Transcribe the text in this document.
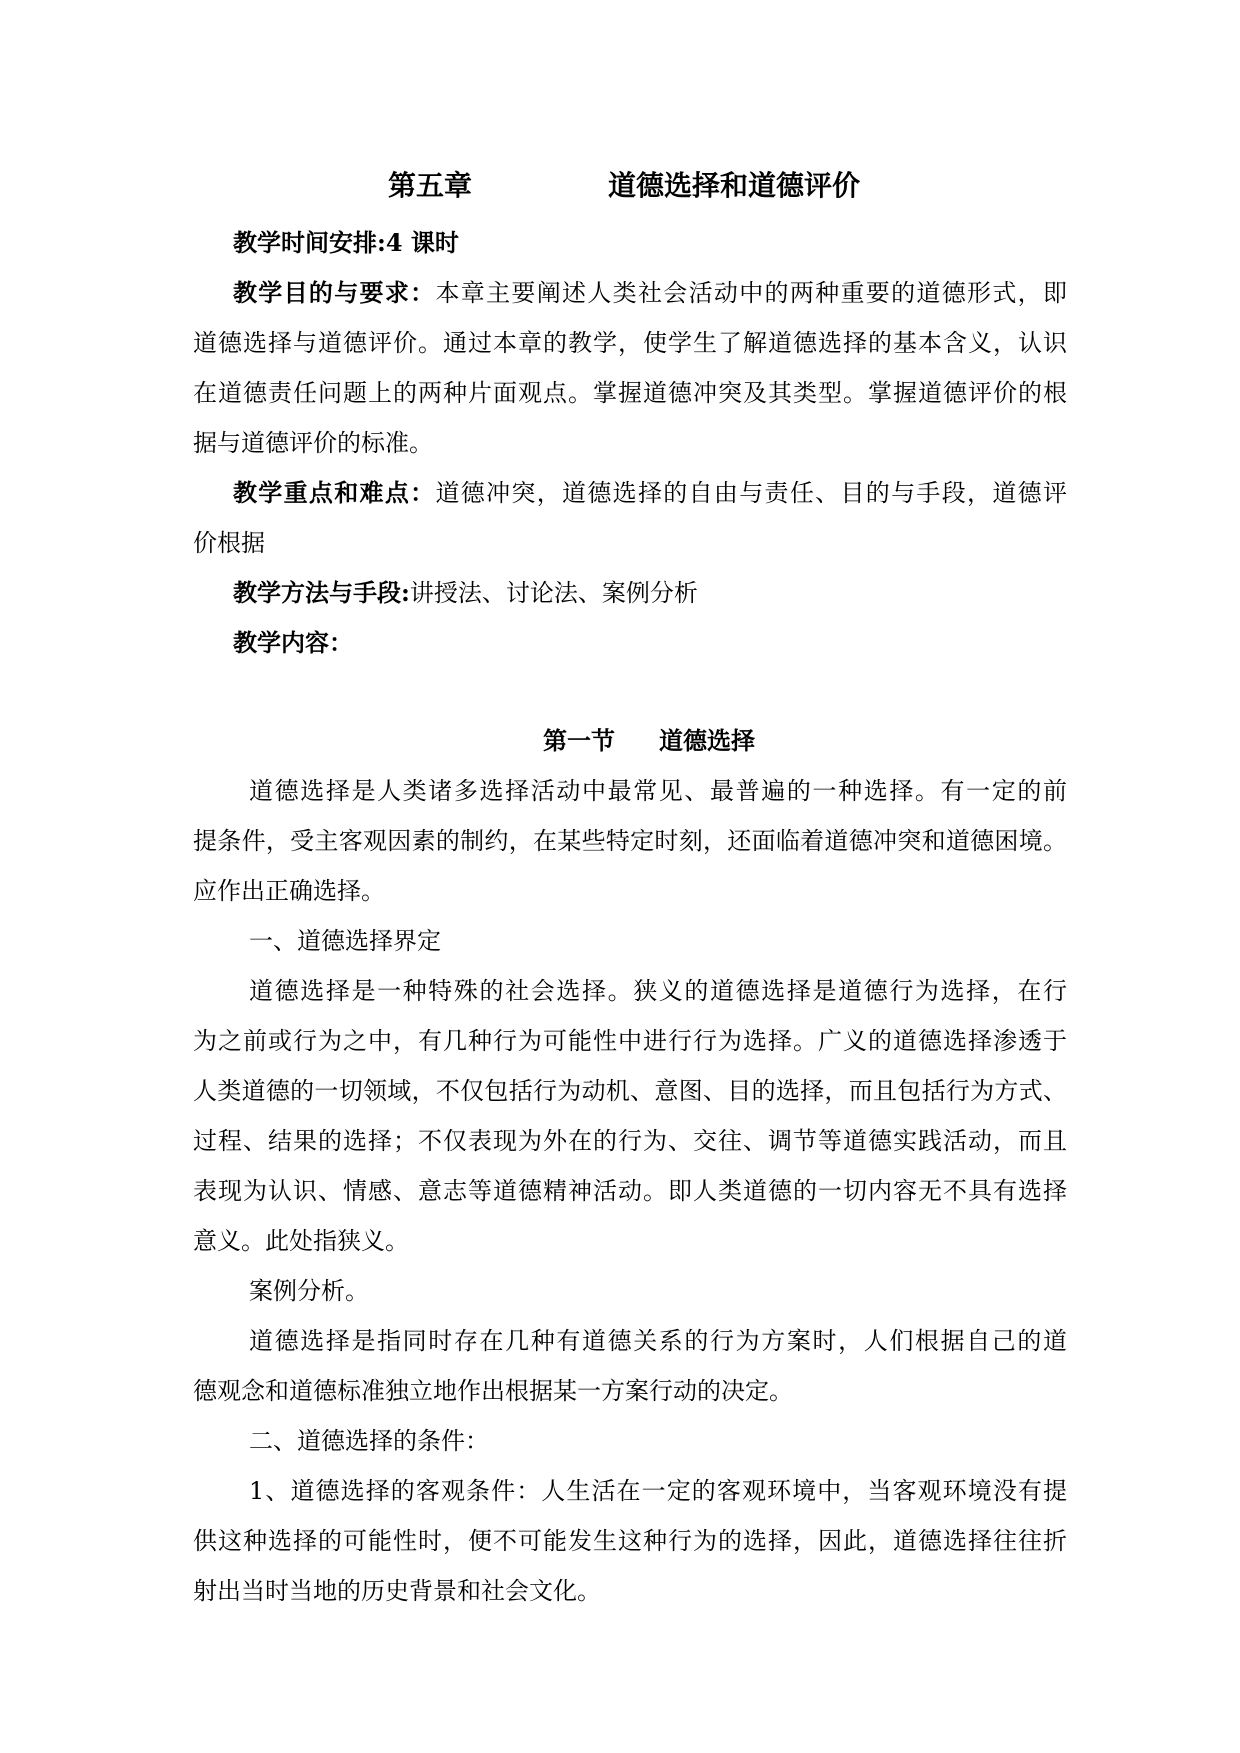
第五章	道德选择和道德评价
教学时间安排:4 课时
教学目的与要求：本章主要阐述人类社会活动中的两种重要的道德形式，即
道德选择与道德评价。通过本章的教学，使学生了解道德选择的基本含义，认识
在道德责任问题上的两种片面观点。掌握道德冲突及其类型。掌握道德评价的根
据与道德评价的标准。
教学重点和难点：道德冲突，道德选择的自由与责任、目的与手段，道德评
价根据
教学方法与手段:讲授法、讨论法、案例分析
教学内容：
第一节 道德选择
道德选择是人类诸多选择活动中最常见、最普遍的一种选择。有一定的前
提条件，受主客观因素的制约，在某些特定时刻，还面临着道德冲突和道德困境。
应作出正确选择。
一、道德选择界定
道德选择是一种特殊的社会选择。狭义的道德选择是道德行为选择，在行
为之前或行为之中，有几种行为可能性中进行行为选择。广义的道德选择渗透于
人类道德的一切领域，不仅包括行为动机、意图、目的选择，而且包括行为方式、
过程、结果的选择；不仅表现为外在的行为、交往、调节等道德实践活动，而且
表现为认识、情感、意志等道德精神活动。即人类道德的一切内容无不具有选择
意义。此处指狭义。
案例分析。
道德选择是指同时存在几种有道德关系的行为方案时，人们根据自己的道
德观念和道德标准独立地作出根据某一方案行动的决定。
二、道德选择的条件：
1、道德选择的客观条件：人生活在一定的客观环境中，当客观环境没有提
供这种选择的可能性时，便不可能发生这种行为的选择，因此，道德选择往往折
射出当时当地的历史背景和社会文化。
